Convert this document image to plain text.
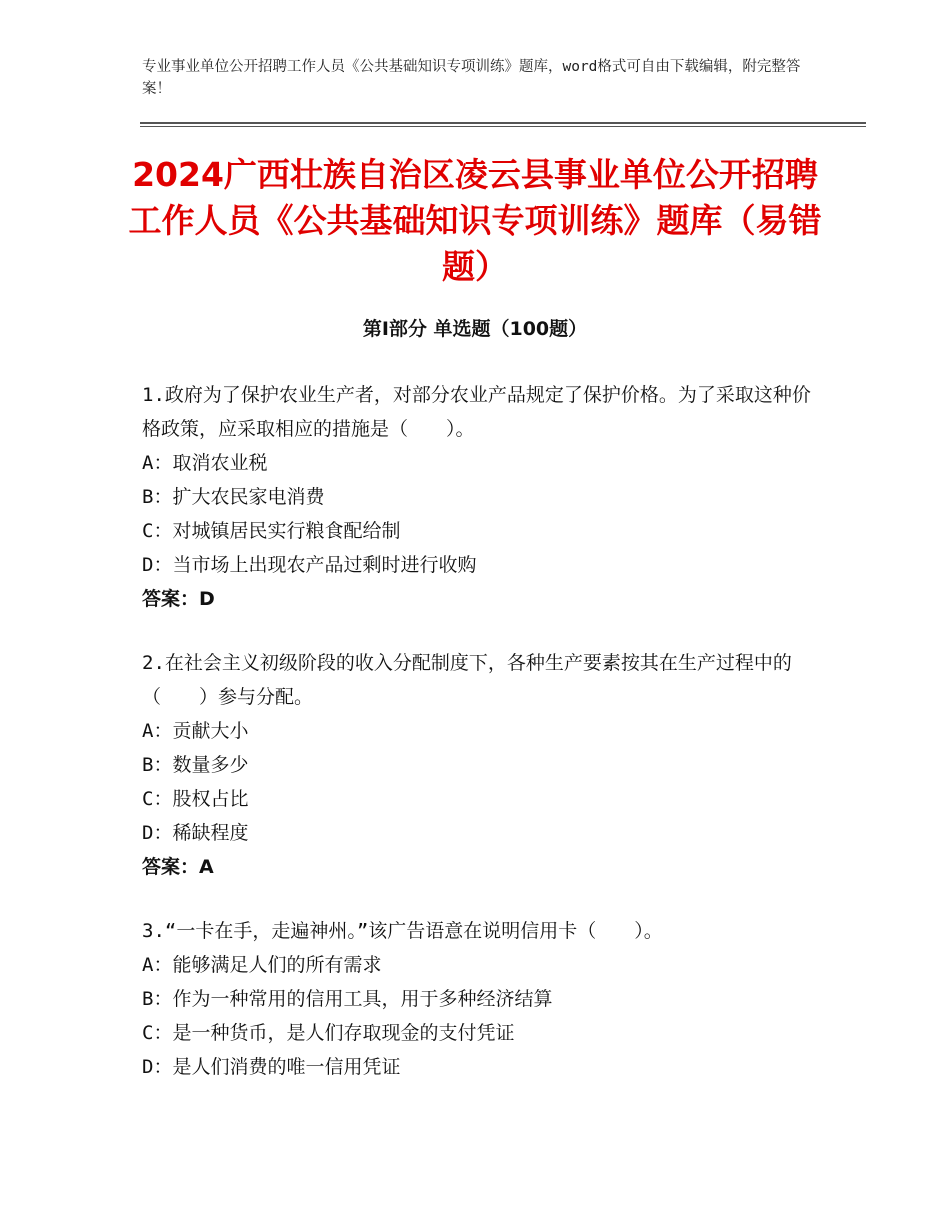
专业事业单位公开招聘工作人员《公共基础知识专项训练》题库，word格式可自由下载编辑，附完整答案！
2024广西壮族自治区凌云县事业单位公开招聘工作人员《公共基础知识专项训练》题库（易错题）
第Ⅰ部分 单选题（100题）
1.政府为了保护农业生产者，对部分农业产品规定了保护价格。为了采取这种价格政策，应采取相应的措施是（　　）。
A：取消农业税
B：扩大农民家电消费
C：对城镇居民实行粮食配给制
D：当市场上出现农产品过剩时进行收购
答案：D
2.在社会主义初级阶段的收入分配制度下，各种生产要素按其在生产过程中的（　　）参与分配。
A：贡献大小
B：数量多少
C：股权占比
D：稀缺程度
答案：A
3.“一卡在手，走遍神州。”该广告语意在说明信用卡（　　）。
A：能够满足人们的所有需求
B：作为一种常用的信用工具，用于多种经济结算
C：是一种货币，是人们存取现金的支付凭证
D：是人们消费的唯一信用凭证
